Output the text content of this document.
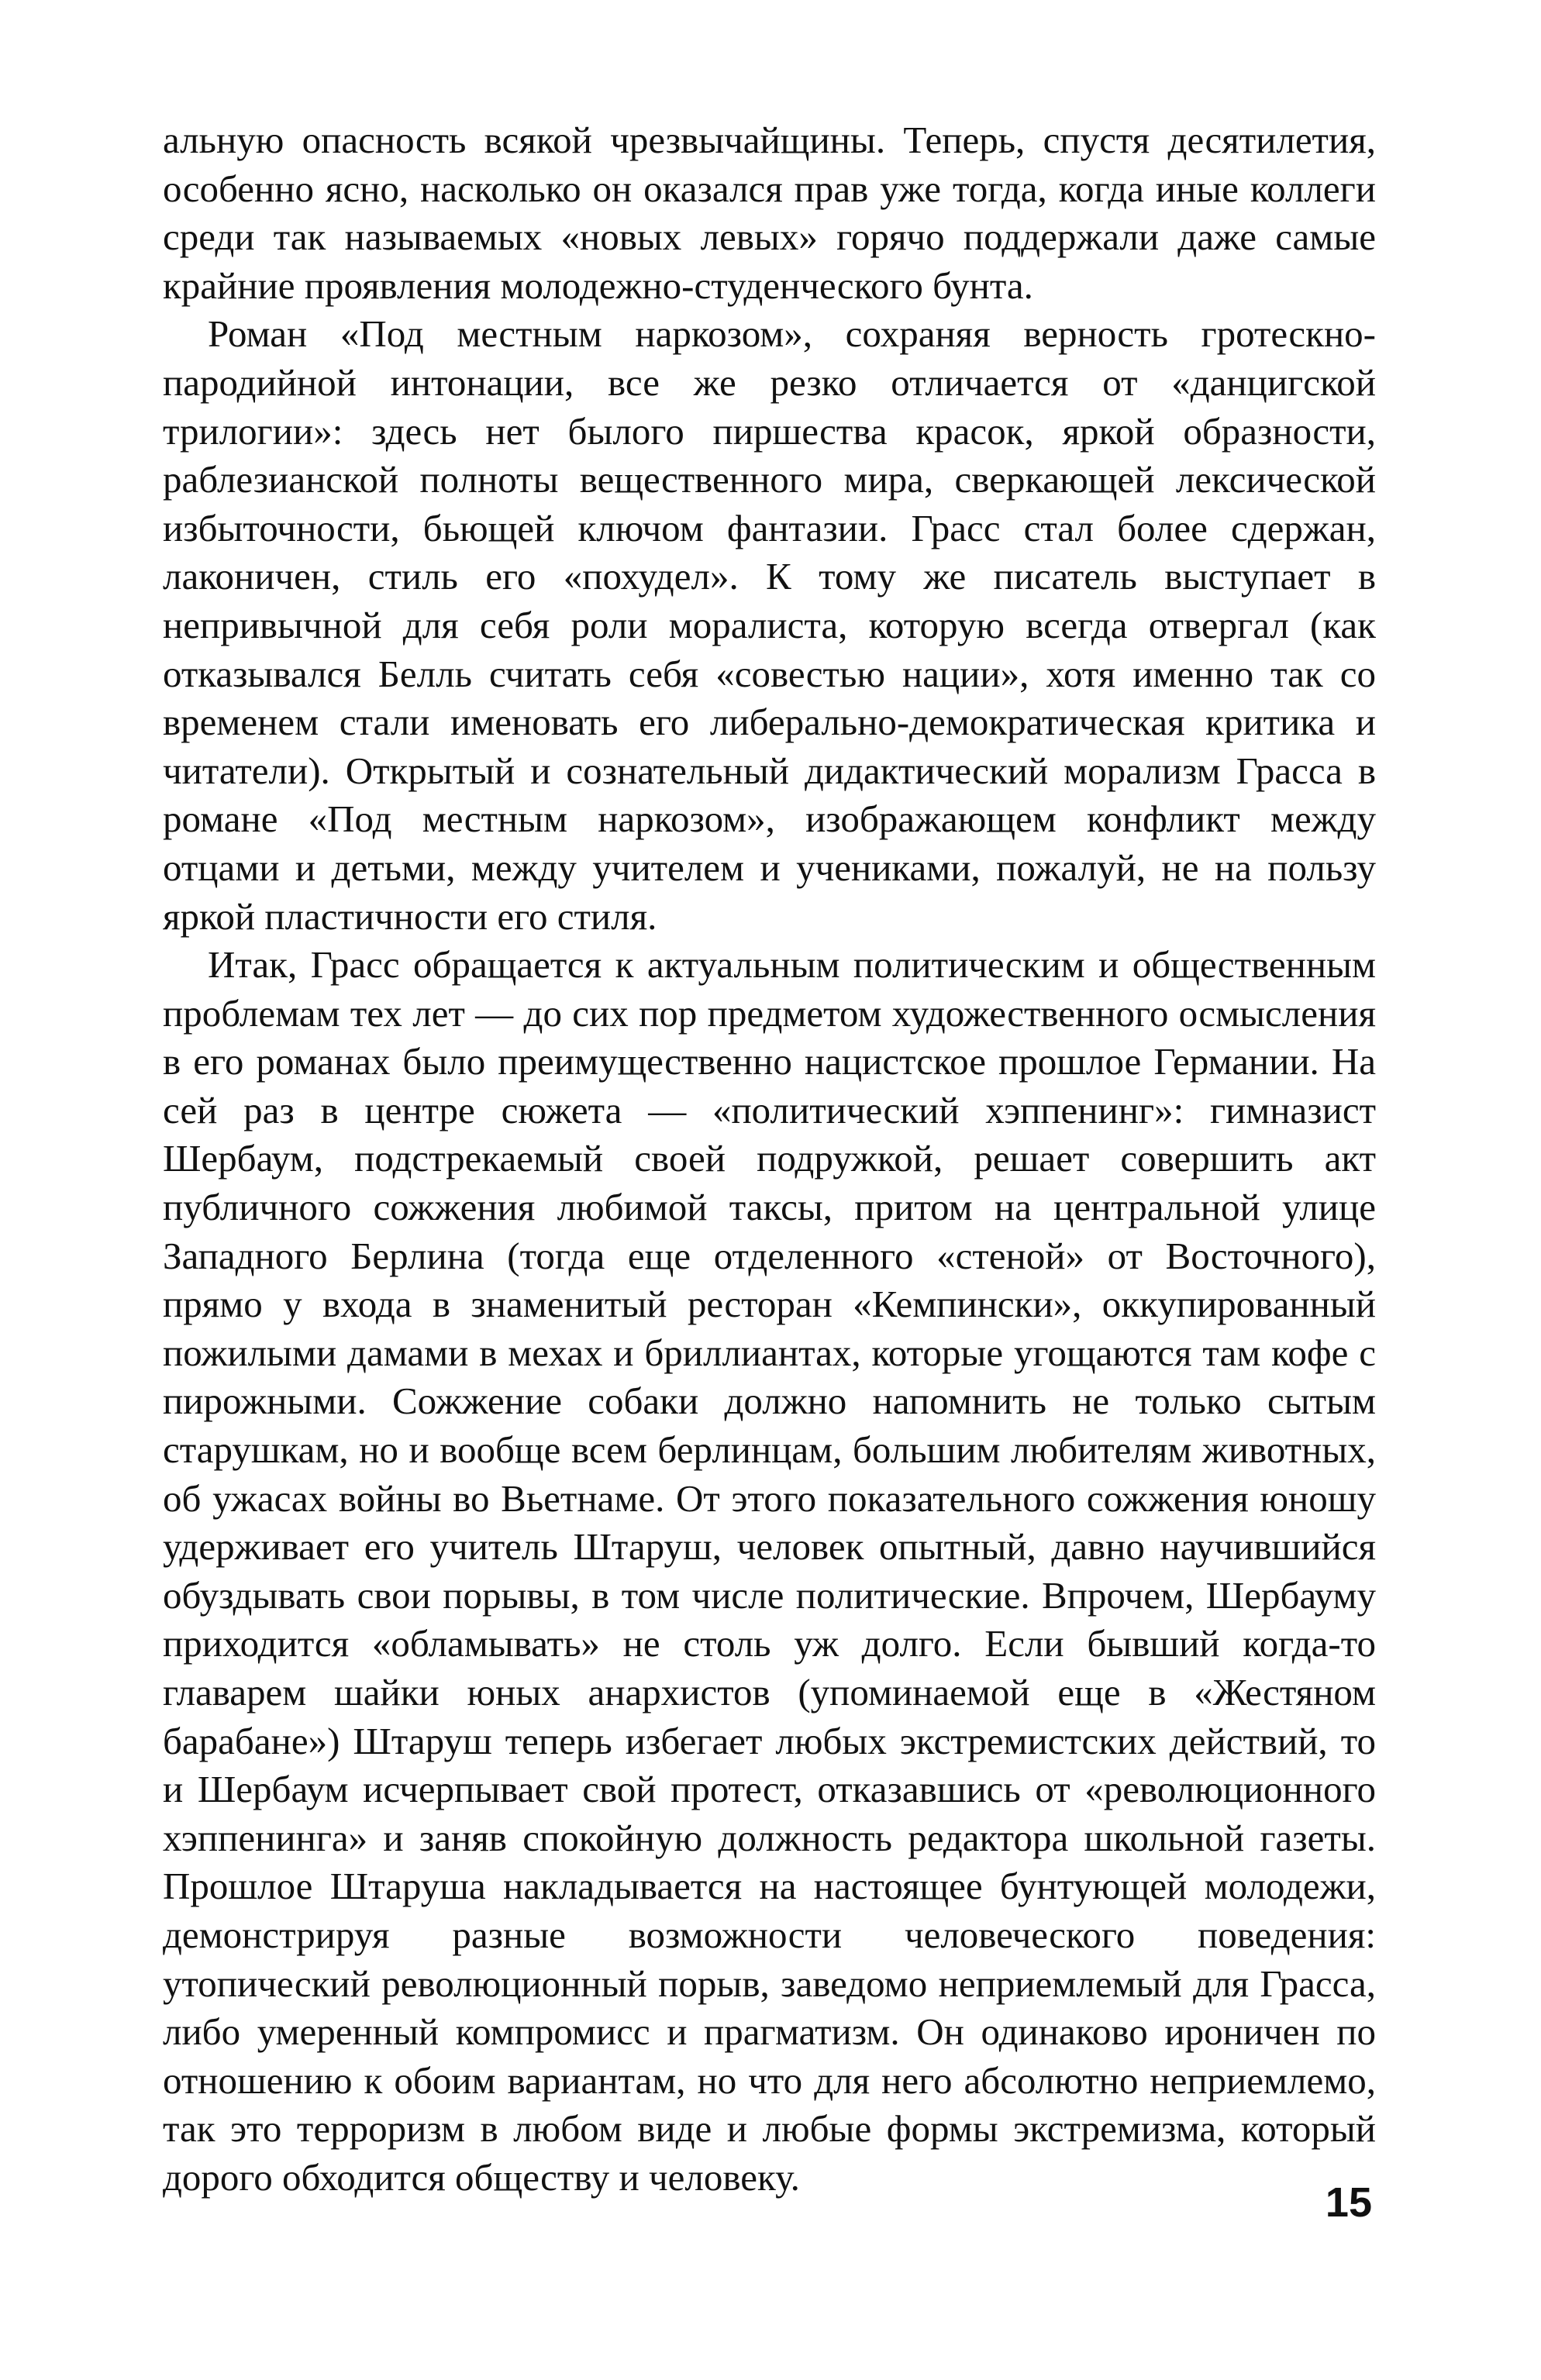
альную опасность всякой чрезвычайщины. Теперь, спустя десятилетия, особенно ясно, насколько он оказался прав уже тогда, когда иные коллеги среди так называемых «новых левых» горячо поддержали даже самые крайние проявления молодежно-студенческого бунта.

Роман «Под местным наркозом», сохраняя верность гротескно-пародийной интонации, все же резко отличается от «данцигской трилогии»: здесь нет былого пиршества красок, яркой образности, раблезианской полноты вещественного мира, сверкающей лексической избыточности, бьющей ключом фантазии. Грасс стал более сдержан, лаконичен, стиль его «похудел». К тому же писатель выступает в непривычной для себя роли моралиста, которую всегда отвергал (как отказывался Белль считать себя «совестью нации», хотя именно так со временем стали именовать его либерально-демократическая критика и читатели). Открытый и сознательный дидактический морализм Грасса в романе «Под местным наркозом», изображающем конфликт между отцами и детьми, между учителем и учениками, пожалуй, не на пользу яркой пластичности его стиля.

Итак, Грасс обращается к актуальным политическим и общественным проблемам тех лет — до сих пор предметом художественного осмысления в его романах было преимущественно нацистское прошлое Германии. На сей раз в центре сюжета — «политический хэппенинг»: гимназист Шербаум, подстрекаемый своей подружкой, решает совершить акт публичного сожжения любимой таксы, притом на центральной улице Западного Берлина (тогда еще отделенного «стеной» от Восточного), прямо у входа в знаменитый ресторан «Кемпински», оккупированный пожилыми дамами в мехах и бриллиантах, которые угощаются там кофе с пирожными. Сожжение собаки должно напомнить не только сытым старушкам, но и вообще всем берлинцам, большим любителям животных, об ужасах войны во Вьетнаме. От этого показательного сожжения юношу удерживает его учитель Штаруш, человек опытный, давно научившийся обуздывать свои порывы, в том числе политические. Впрочем, Шербауму приходится «обламывать» не столь уж долго. Если бывший когда-то главарем шайки юных анархистов (упоминаемой еще в «Жестяном барабане») Штаруш теперь избегает любых экстремистских действий, то и Шербаум исчерпывает свой протест, отказавшись от «революционного хэппенинга» и заняв спокойную должность редактора школьной газеты. Прошлое Штаруша накладывается на настоящее бунтующей молодежи, демонстрируя разные возможности человеческого поведения: утопический революционный порыв, заведомо неприемлемый для Грасса, либо умеренный компромисс и прагматизм. Он одинаково ироничен по отношению к обоим вариантам, но что для него абсолютно неприемлемо, так это терроризм в любом виде и любые формы экстремизма, который дорого обходится обществу и человеку.

15
